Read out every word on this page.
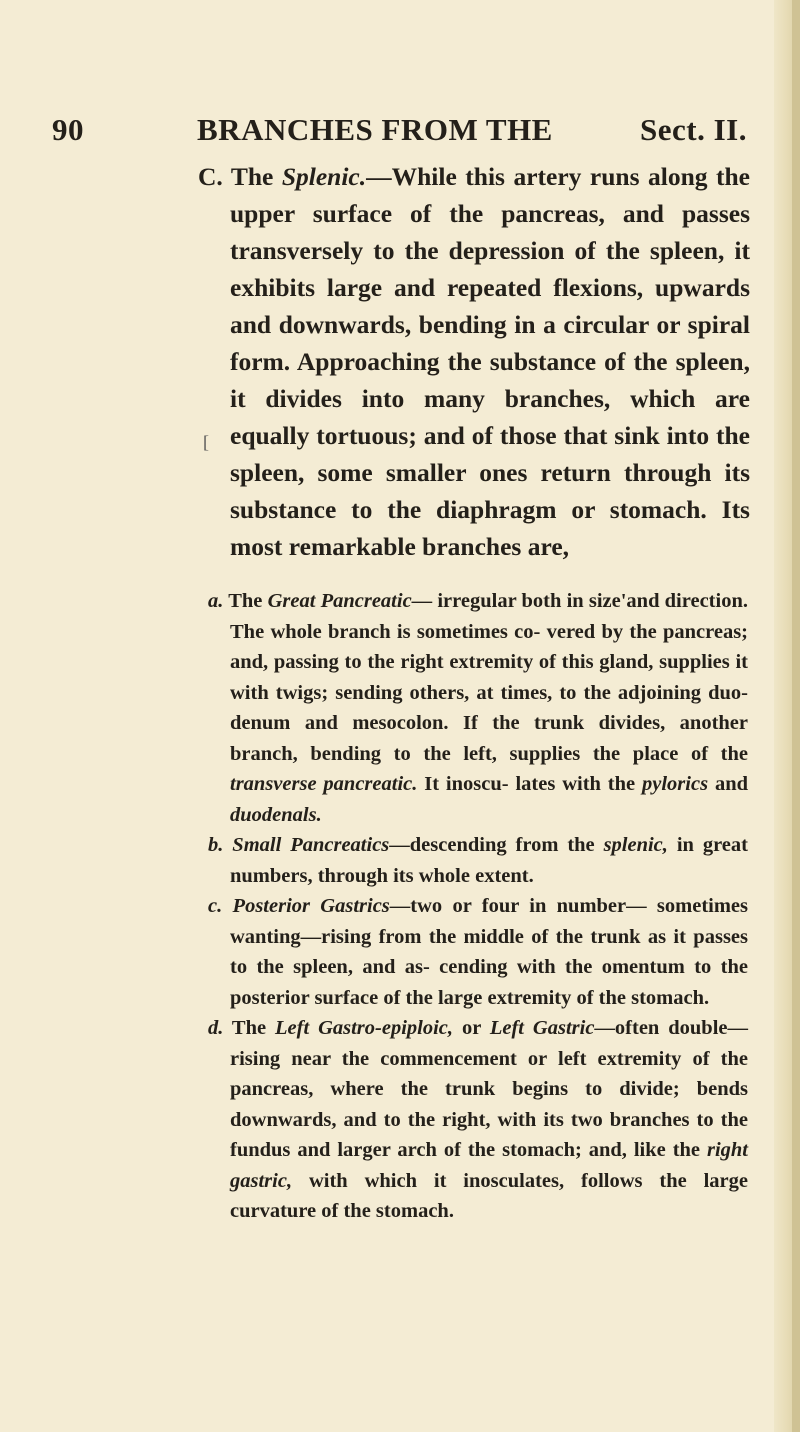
90	BRANCHES FROM THE	Sect. II.
C. The Splenic.—While this artery runs along the upper surface of the pancreas, and passes transversely to the depression of the spleen, it exhibits large and repeated flexions, upwards and downwards, bending in a circular or spiral form. Approaching the substance of the spleen, it divides into many branches, which are equally tortuous; and of those that sink into the spleen, some smaller ones return through its substance to the diaphragm or stomach. Its most remarkable branches are,

a. The Great Pancreatic— irregular both in size'and direction. The whole branch is sometimes co- vered by the pancreas; and, passing to the right extremity of this gland, supplies it with twigs; sending others, at times, to the adjoining duo- denum and mesocolon. If the trunk divides, another branch, bending to the left, supplies the place of the transverse pancreatic. It inoscu- lates with the pylorics and duodenals.

b. Small Pancreatics—descending from the splenic, in great numbers, through its whole extent.

c. Posterior Gastrics—two or four in number— sometimes wanting—rising from the middle of the trunk as it passes to the spleen, and as- cending with the omentum to the posterior surface of the large extremity of the stomach.

d. The Left Gastro-epiploic, or Left Gastric—often double—rising near the commencement or left extremity of the pancreas, where the trunk begins to divide; bends downwards, and to the right, with its two branches to the fundus and larger arch of the stomach; and, like the right gastric, with which it inosculates, follows the large curvature of the stomach.

[
